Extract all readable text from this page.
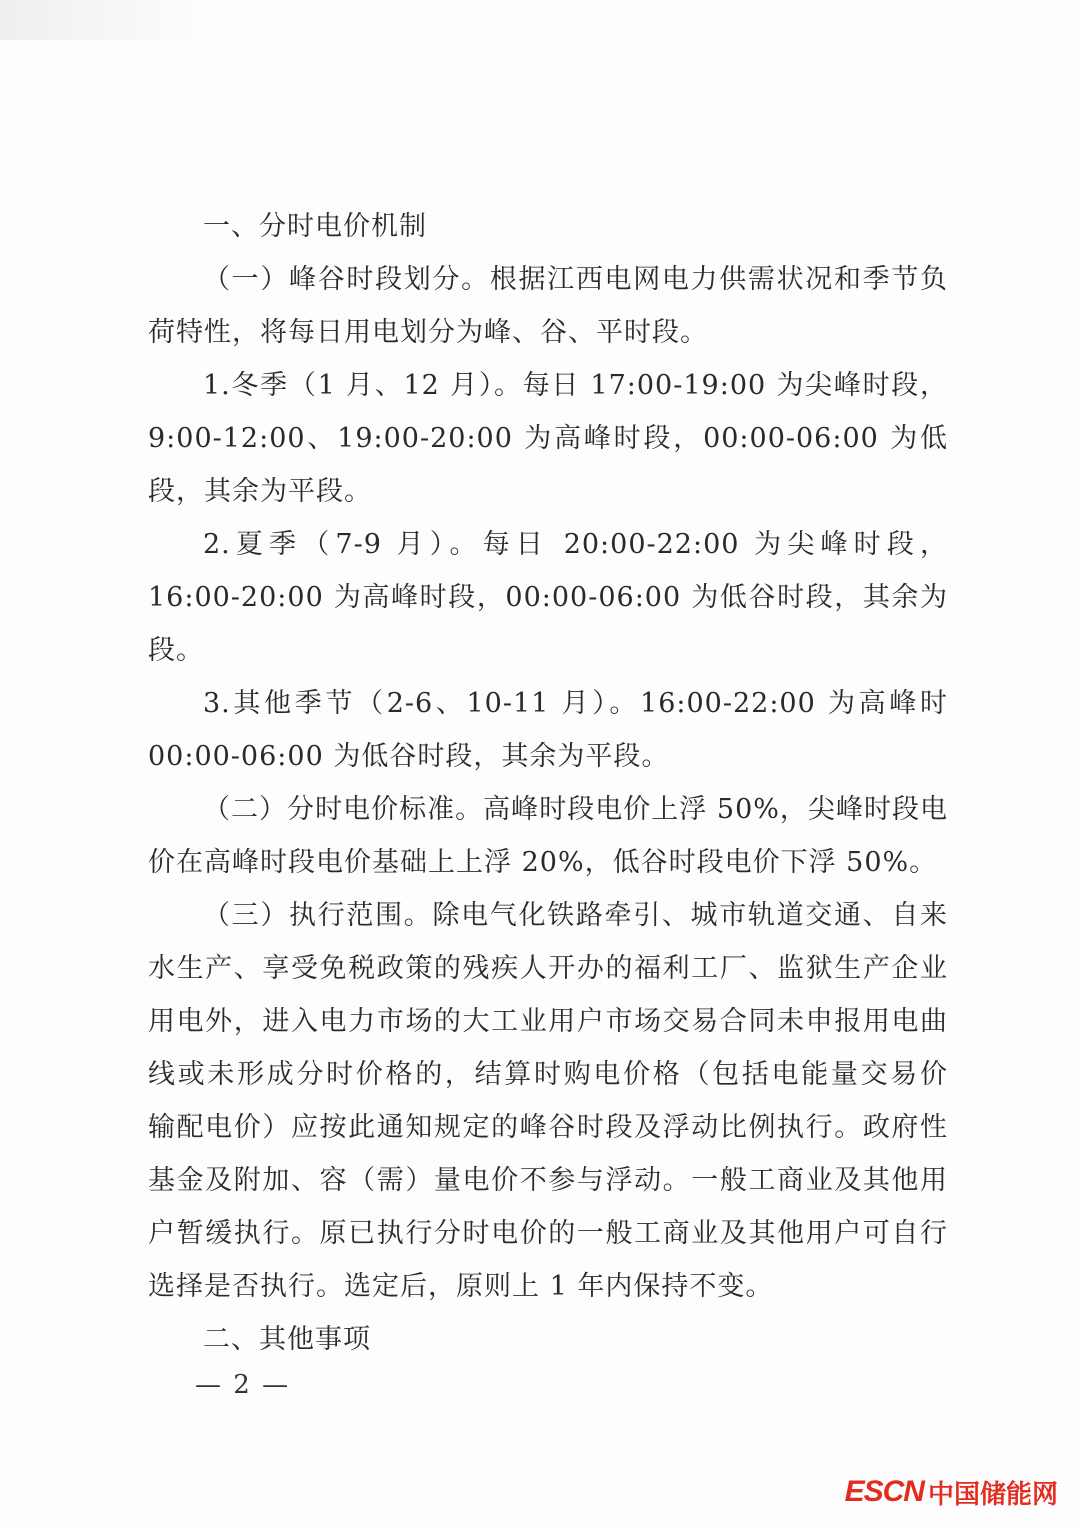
一、分时电价机制
（一）峰谷时段划分。根据江西电网电力供需状况和季节负
荷特性，将每日用电划分为峰、谷、平时段。
1.冬季（1 月、12 月）。每日 17:00-19:00 为尖峰时段，
9:00-12:00、19:00-20:00 为高峰时段，00:00-06:00 为低
段，其余为平段。
2.夏季（7-9 月）。每日 20:00-22:00 为尖峰时段，
16:00-20:00 为高峰时段，00:00-06:00 为低谷时段，其余为
段。
3.其他季节（2-6、10-11 月）。16:00-22:00 为高峰时
00:00-06:00 为低谷时段，其余为平段。
（二）分时电价标准。高峰时段电价上浮 50%，尖峰时段电
价在高峰时段电价基础上上浮 20%，低谷时段电价下浮 50%。
（三）执行范围。除电气化铁路牵引、城市轨道交通、自来
水生产、享受免税政策的残疾人开办的福利工厂、监狱生产企业
用电外，进入电力市场的大工业用户市场交易合同未申报用电曲
线或未形成分时价格的，结算时购电价格（包括电能量交易价
输配电价）应按此通知规定的峰谷时段及浮动比例执行。政府性
基金及附加、容（需）量电价不参与浮动。一般工商业及其他用
户暂缓执行。原已执行分时电价的一般工商业及其他用户可自行
选择是否执行。选定后，原则上 1 年内保持不变。
二、其他事项
— 2 —
ESCN 中国储能网
